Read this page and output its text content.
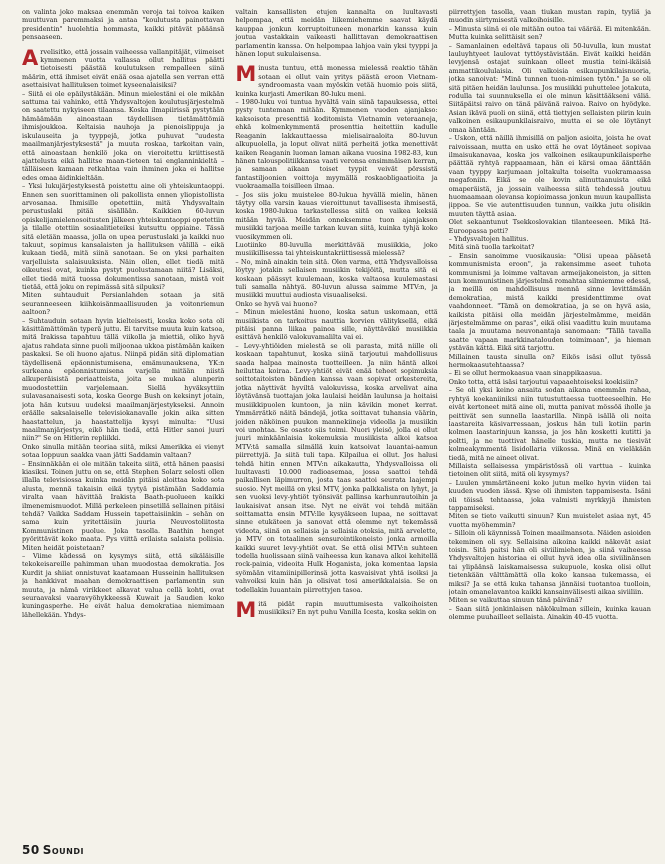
on valinta joko maksaa enemmän veroja tai toivoa kaiken muuttuvan paremmaksi ja antaa "koulutusta painottavan presidentin" huolehtia hommasta, kaikki pitävät pääänsä pensaaseen.

Arvelisitko, että jossain vaiheessa vallanpitäjät, viimeiset kymmenen vuotta vallassa ollut hallitus päätti tietoisesti päästää koulutuksen rempalleen siinä määrin, että ihmiset eivät enää osaa ajatella sen verran että asettaisivat hallituksen toimet kyseenalaisiksi?

– Siitä ei ole epäilystäkään. Minun mielestäni ei ole mikään sattuma tai vahinko, että Yhdysvaltojen koulutusjärjestelmä on saatettu nykyiseen tilaansa. Koska ilmapiirissä pystytään hämäämään ainoastaan täydellisen tietämättömiä ihmisjoukkoa. Keltaisia nauhoja ja pienoislippuja ja iskulauseita ja tyyppejä, jotka puhuvat "uudesta maailmanjärjestyksestä" ja muuta roskaa, tarkoitan vain, että ainoastaan henkilö joka on vieroitettu kriittisestä ajattelusta eikä hallitse maan-tieteen tai englanninkieltä – tälläiseen kamaan retkahtaa vain ihminen joka ei hallitse edes omaa äidinkieltään.

– Yksi lukujärjestyksestä poistettu aine oli yhteiskuntaoppi. Ennen sen suorittaminen oli pakollista ennen yliopistollista arvosanaa. Ihmisille opetettiin, mitä Yhdysvaltain perustuslaki pitää sisällään. Kaikkien 60-luvun opiskelijamielenosoitusten jälkeen yhteiskuntaoppi opetettiin ja tilalle otettiin sosiaalitieteiksi kutsuttu oppiaine. Tässä sitä eletään maassa, jolla on upea perustuslaki ja kaikki nuo takuut, sopimus kansalaisten ja hallituksen välillä – eikä kukaan tiedä, mitä siinä sanotaan. Se on yksi parhaiten varjelluista salaisuuksista. Näin ollen, ellet tiedä mitä oikeutesi ovat, kuinka pystyt puolustamaan niitä? Lisäksi, ellet tiedä mitä tuossa dokumentissa sanotaan, mistä voit tietää, että joku on repimässä sitä silpuksi?

Miten suhtauduit Persianlahden sotaan ja sitä seuranneeseen kiihkoisänmaallisuuden ja voitonriemun aaltoon?

– Suhtauduin sotaan hyvin kielteisesti, koska koko sota oli käsittämättömän typerä juttu. Ei tarvitse muuta kuin katsoa, mitä Irakissa tapahtuu tällä viikolla ja miettiä, oliko hyvä ajatus rahdata sinne puoli miljoonaa ukkoa pistämään kaiken paskaksi. Se oli huono ajatus. Niinpä pidän sitä diplomatian täydellisenä epäonnistumisena, emämunauksena, YK:n surkeana epäonnistumisena varjella mitään niistä alkuperäisistä periaatteista, joita se mukaa alunperin muodostettiin varjelemaan. Siellä hyväksyttiin sulavasanaisesti sota, koska George Bush on keksinyt jotain, jota hän kutsuu uudeksi maailmanjärjestykseksi. Annoin eräälle saksalaiselle televisiokanavalle jokin aika sitten haastattelun, ja haastattelija kysyi minulta: "Uusi maailmanjärjestys, eikö hän tiedä, että Hitler sanoi juuri niin?" Se on Hitlerin repliikki.

Onko sinulla mitään teoriaa siitä, miksi Amerikka ei vienyt sotaa loppuun saakka vaan jätti Saddamin valtaan?

– Ensinnäkään ei ole mitään takeita siitä, että hänen paasisi kiasiksi. Toinen juttu on se, että Stephen Solarz selosti ollen illalla televisiossa kuinka meidän pitäisi aloittaa koko sota alusta, mennä takaisin eikä tyytyä pistämään Saddamia viralta vaan hävittää Irakista Baath-puolueen kaikki ilmenemismuodot. Millä perkeleen pinsetillä sellainen pitäisi tehdä? Vaikka Saddam Hussein tapettaisiinkin – sehän on sama kuin yritettäisiin juuria Neuvostoliitosta Kommunistinen puolue. Joka tasolla. Baathin henget pyörittävät koko maata. Pys viittä erilaista salaista poliisia. Miten heidät poistetaan?

– Viime kädessä on kysymys siitä, että sikäläisille tekokeisareille pahimman uhan muodostaa demokratia. Jos Kurdit ja shiiat onnistuvat kaatamaan Husseinin hallituksen ja hankkivat maahan demokraattisen parlamentin sun muuta, ja nämä virikkeet alkavat valua cellä kohti, ovat seuraavaksi vaaravyöhykkeessä Kuwait ja Saudien koko kuningasperhe. He eivät halua demokratiaa niemimaan lähellekään. Yhdys-

valtain kansallisten etujen kannalta on luultavasti helpompaa, että meidän liikemiehemme saavat käydä kauppaa jonkun korruptoituneen monarkin kanssa kuin joutua vastakkain vaikeasti hallittavan demokraattisen parlamentin kanssa. On helpompaa lahjoa vain yksi tyyppi ja hänen loput sukulaisensa.

Minusta tuntuu, että monessa mielessä reaktio tähän sotaan ei ollut vain yritys päästä eroon Vietnam-syndroomasta vaan myöskin vetää huomio pois siitä, kuinka kurjasti Amerikan 80-luku meni.

– 1980-luku voi tuntua hyvältä vain siinä tapauksessa, ettei pysty tuntemaan mitään. Kymmenen vuoden ajanjakso: kaksoisota presenttiä koditomista Vietnamin veteraaneja, ehkä kolmenkymmentä prosenttia heitettiin kadulle Reaganin lakkauttaessa mielisairaaloita 80-luvun alkupuolella, ja loput olivat niitä perheitä jotka menettivät kaiken Reaganin luoman laman aikana vuosina 1982-83, kun hänen talouspolitiikkansa vaati veronsa ensimmäisen kerran, ja samaan aikaan toiset tyypit veivät pörssistä fantastiljoonien voittoja myymällä roskaobligaatioita ja vuokraamalla toisilleen ilmaa.

– Jos siis joku muistelee 80-lukua hyvällä mielin, hänen täytyy olla varsin kauas vieroittunut tavallisesta ihmisestä, koska 1980-lukua tarkastellessa siitä on vaikea keksiä mitään hyvää. Meidän onneksemme tuon ajanjakson musiikki tarjoaa meille tarkan kuvan siitä, kuinka tyhjä koko vuosikymmen oli.

Luotiinko 80-luvulla merkittävää musiikkia, joko musiikillisessa tai yhteiskuntakriittisessä mielessä?

– No, minä ainakin tein sitä. Olen varma, että Yhdysvalloissa löytyy jotakin sellaisen musiikin tekijöitä, mutta sitä ei koskaan päässyt kuulemaan, koska valtaosa kuulemastasi tuli samalla nähtyä. 80-luvun alussa saimme MTV:n, ja musiikki muuttui audiosta visuaaliseksi.

Onko se hyvä vai huono?

– Minun mielestäni huono, koska satun uskomaan, että musiikista on tarkoitus nauttia korvien välityksellä, eikä pitäisi panna liikaa painoa sille, näyttäväkö musiikkia esittävä henkilö valokuvamalilta vai ei.

– Levy-yhtiöiden mielestä se oli parasta, mitä niille oli koskaan tapahtunut, koska siinä tarjoutui mahdollisuus saada halpaa mainosta tuotteilleen. Ja niin häntä alkoi heiluttaa koiraa. Levy-yhtiöt eivät enää teheet sopimuksia soittotaitoisten bändien kanssa vaan sopivat orkestereita, jotka näyttivät hyviltä valokuvissa, koska arvelivat aina löytävänsä tuottajan joka laulaisi heidän laulunsa ja hoitaisi musiikkipuolen kuntoon, ja niin kävikin monet kerrat. Ymmärrätkö näitä bändejä, jotka soittavat tuhansia väärin, joiden näköinen puukon mannekiineja videolla ja musiikin voi unohtaa. Se osasto siis toimi. Nuori yleisö, jolla ei ollut juuri minkäänlaisia kokemuksia musiikista alkoi katsoa MTV:tä samalla silmällä kuin katsoivat lauantai-aamun piirrettyjä. Ja siitä tuli tapa. Kilpailua ei ollut. Jos halusi tehdä hitin ennen MTV:n aikakautta, Yhdysvalloissa oli luultavasti 10.000 radioasemaa, jossa saattoi tehdä paikallisen läpimurron, josta taas saattoi seurata laajempi suosio. Nyt meillä on yksi MTV, jonka palkkalista on lyhyt, ja sen vuoksi levy-yhtiöt työnsivät pallinsa karhunrautoihin ja laukaisivat ansan itse. Nyt ne eivät voi tehdä mitään soittamatta ensin MTV:lle kysyäkseen lupaa, ne soittavat sinne etukäteen ja sanovat että olemme nyt tekemässä videota, siinä on sellaisia ja sellaisia otoksia, mitä arvelette, ja MTV on totaalinen sensurointikoneisto jonka armoilla kaikki suuret levy-yhtiöt ovat. Se että olisi MTV:n suhteen todella huolissaan siinä vaiheessa kun kanava alkoi kehitellä rock-painia, videoita Hulk Hoganista, joka komentaa lapsia syömään vitamiinipillerinsä jotta kasvaisivat yhtä isoiksi ja vahvoiksi kuin hän ja olisivat tosi amerikkalaisia. Se on todellakin luuantain piirrettyjen tasoa.

Mitä pidät rapin muuttumisesta valkoihoisten musiikiksi? En nyt puhu Vanilla Icesta, koska sekin on

piirrettyjen tasolla, vaan tiukan mustan rapin, tyyliä ja muodin siirtymisestä valkoihoisille.

– Minusta siinä ei ole mitään outoa tai väärää. Ei mitenkään. Mutta kuinka selittäisit sen?

– Samanlainen edeltävä tapaus oli 50-luvulla, kun mustat lauluyhtyeet laulovat tyttöystävistään. Eivät kaikki heidän levyjensä ostajat suinkaan olleet mustia teini-ikäisiä ammattikoululaisia. Oli valkoisia esikaupunkilaisnuoria, jotka sanoivat: "Minä tunnen tuon-nimisen tytön." Ja se oli sitä pitäen heidän laulunsa. Jos musiikki puhuttelee jotakuta, rodulla tai suunnuksella ei ole minun käsittääkseni väliä. Siitäpäitsi raivo on tänä päivänä raivoa. Raivo on hyödyke. Asian ikävä puoli on siinä, että tiettyjen sellaisten piirin kuin valkoinen esikaupunkilaisraivo, mutta ei se ole löytänyt omaa ääntään.

– Uskon, että näillä ihmisillä on paljon asioita, joista he ovat raivoissaan, mutta en usko että he ovat löytäneet sopivaa ilmaisukanavaa, koska jos valkoinen esikaupunkilaisperhe päättää ryhtyä rappaamaan, hän ei kärsi omaa äänttään vaan tyyppy karjumaan joltakulta toiselta vuokramaassa megafoniin. Eikä se ole kovin alinuttaanuista eikä omaperäistä, ja jossain vaiheessa siitä tehdessä joutuu huomaamaan olevansa kopioimassa jonkun muun kaupallista jippoa. Se vie autenttisuuden tunnun, vaikka jutu olisikin muuten täyttä asiaa.

Olet sekaantunut Tsekkoslovakian tilanteeseen. Mikä Itä-Euroopassa petti?

– Yhdysvaltojen hallitus.

Mitä sinä tuolla tarkoitat?

– Ensin sanoimme vuosikausia: "Olisi upeaa pääsetä kommunismista eroon", ja rakensimme aseet tuhota kommunismi ja loimme valtavan armeijakoneiston, ja sitten kun kommunistinen järjestelmä romahtaa silmiemme edessä, ja meillä on mahdollisuus mennä sinne levittämään demokratiaa, mistä kaikki presidenttimme ovat vaahdonneet. "Tämä on demokratiaa, ja se on hyvä asia, kaikista pitäisi olla meidän järjestelmämme, meidän järjestelmämme on paras", eikä olisi vaadittu kuin muutama taala ja muutama neuvonantaja sanomaan: "Tällä tavalla saatte vapaan markkinatalouden toimimaan", ja hieman ystävän kättä. Eikä sitä tarjottu.

Millainen tausta sinulla on? Eikös isäsi ollut työssä hermokaasutehtaassa?

– Ei se ollut hermokaasua vaan sinappikaasua.

Onko totta, että isäsi tarjoutui vapaaehtoiseksi koekisiin?

– Se oli yksi keino ansaita sodan aikana enemmän rahaa, ryhtyä koekaniiniksi niin tutustuttaessa tuotteeseelhin. He eivät kertoneet mitä aine oli, mutta panivat mössöä iholle ja peittivät sen sunnella laastarilla. Ninpä isällä oli noita laastareita käsivarressaan, joskus hän tuli kotiin parin kolmen laastarinjuun kanssa, ja jos hän kosketti kutitti ja poltti, ja ne tuottivat hänelle tuskia, mutta ne tiesivät kolmeakymmentä lisidollaria viikossa. Minä en vieläkään tiedä, mitä ne aineet olivat.

Millaista sellaisessa ympäristössä oli varttua – kuinka tietoinen olit siitä, mitä oli kysymys?

– Luulen ymmärtäneeni koko jutun melko hyvin viiden tai kuuden vuoden iässä. Kyse oli ihmisten tappamisesta. Isäni oli töissä tehtaassa, joka valmisti myrkkyjä ihmisten tappamiseksi.

Miten se tieto vaikutti sinuun? Kun muistelet asiaa nyt, 45 vuotta myöhemmin?

– Silloin oli käynnissä Toinen maailmansota. Näiden asioiden tekeminen oli syy. Sellaisina aikoina kaikki näkevät asiat toisin. Sitä paitsi hän oli siviilimiehen, ja siinä vaiheessa Yhdysvaltojen historiaa ei ollut hyvä idea olla siviilinänsen tai ylipäänsä laiskamaisessa sukupuole, koska olisi ollut tietenkään välttämättä olla koko kansaa tukemassa, ei miksi? Ja se että kuka tahansa jännäisi tuotantoa tuolloin, jotain omanelavantoa kaikki kansainvälisesti aikaa siviiliin.

Miten se vaikuttaa sinuun tänä päivänä?

– Saan siitä jonkinlaisen näkökulman sillein, kuinka kauan olemme puuhailleet sellaista. Ainakin 40-45 vuotta.

50 Soundi
